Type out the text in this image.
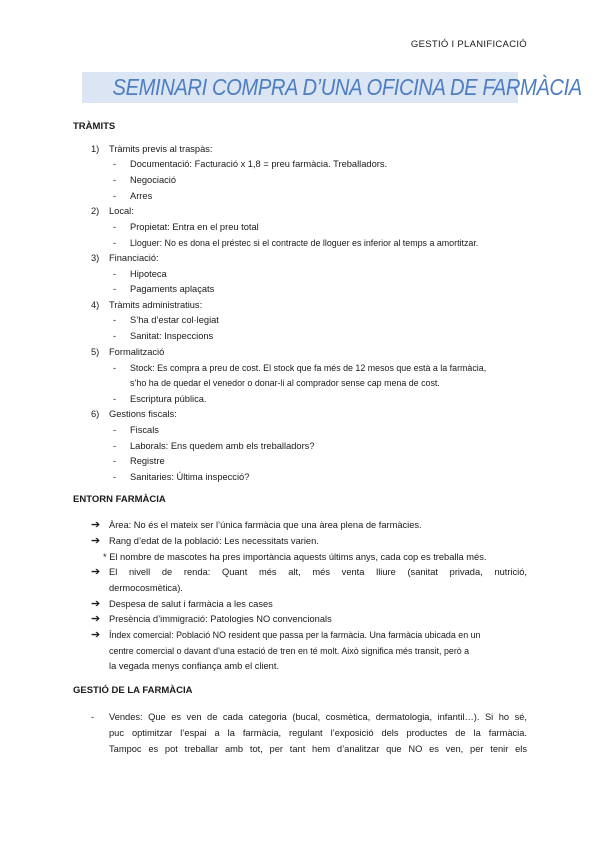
GESTIÓ I PLANIFICACIÓ
SEMINARI COMPRA D’UNA OFICINA DE FARMÀCIA
TRÀMITS
1) Tràmits previs al traspàs:
- Documentació: Facturació x 1,8 = preu farmàcia. Treballadors.
- Negociació
- Arres
2) Local:
- Propietat: Entra en el preu total
- Lloguer: No es dona el préstec si el contracte de lloguer es inferior al temps a amortitzar.
3) Financiació:
- Hipoteca
- Pagaments aplaçats
4) Tràmits administratius:
- S’ha d’estar col·legiat
- Sanitat: Inspeccions
5) Formalització
- Stock: Es compra a preu de cost. El stock que fa més de 12 mesos que està a la farmàcia,
s’ho ha de quedar el venedor o donar-li al comprador sense cap mena de cost.
- Escriptura pública.
6) Gestions fiscals:
- Fiscals
- Laborals: Ens quedem amb els treballadors?
- Registre
- Sanitaries: Última inspecció?
ENTORN FARMÀCIA
➔ Àrea: No és el mateix ser l’única farmàcia que una àrea plena de farmàcies.
➔ Rang d’edat de la població: Les necessitats varien.
* El nombre de mascotes ha pres importància aquests últims anys, cada cop es treballa més.
➔ El nivell de renda: Quant més alt, més venta lliure (sanitat privada, nutrició,
dermocosmètica).
➔ Despesa de salut i farmàcia a les cases
➔ Presència d’immigració: Patologies NO convencionals
➔ Índex comercial: Població NO resident que passa per la farmàcia. Una farmàcia ubicada en un
centre comercial o davant d’una estació de tren en té molt. Això significa més transit, però a
la vegada menys confiança amb el client.
GESTIÓ DE LA FARMÀCIA
- Vendes: Que es ven de cada categoria (bucal, cosmètica, dermatologia, infantil…). Si ho sé,
puc optimitzar l’espai a la farmàcia, regulant l’exposició dels productes de la farmàcia.
Tampoc es pot treballar amb tot, per tant hem d’analitzar que NO es ven, per tenir els
